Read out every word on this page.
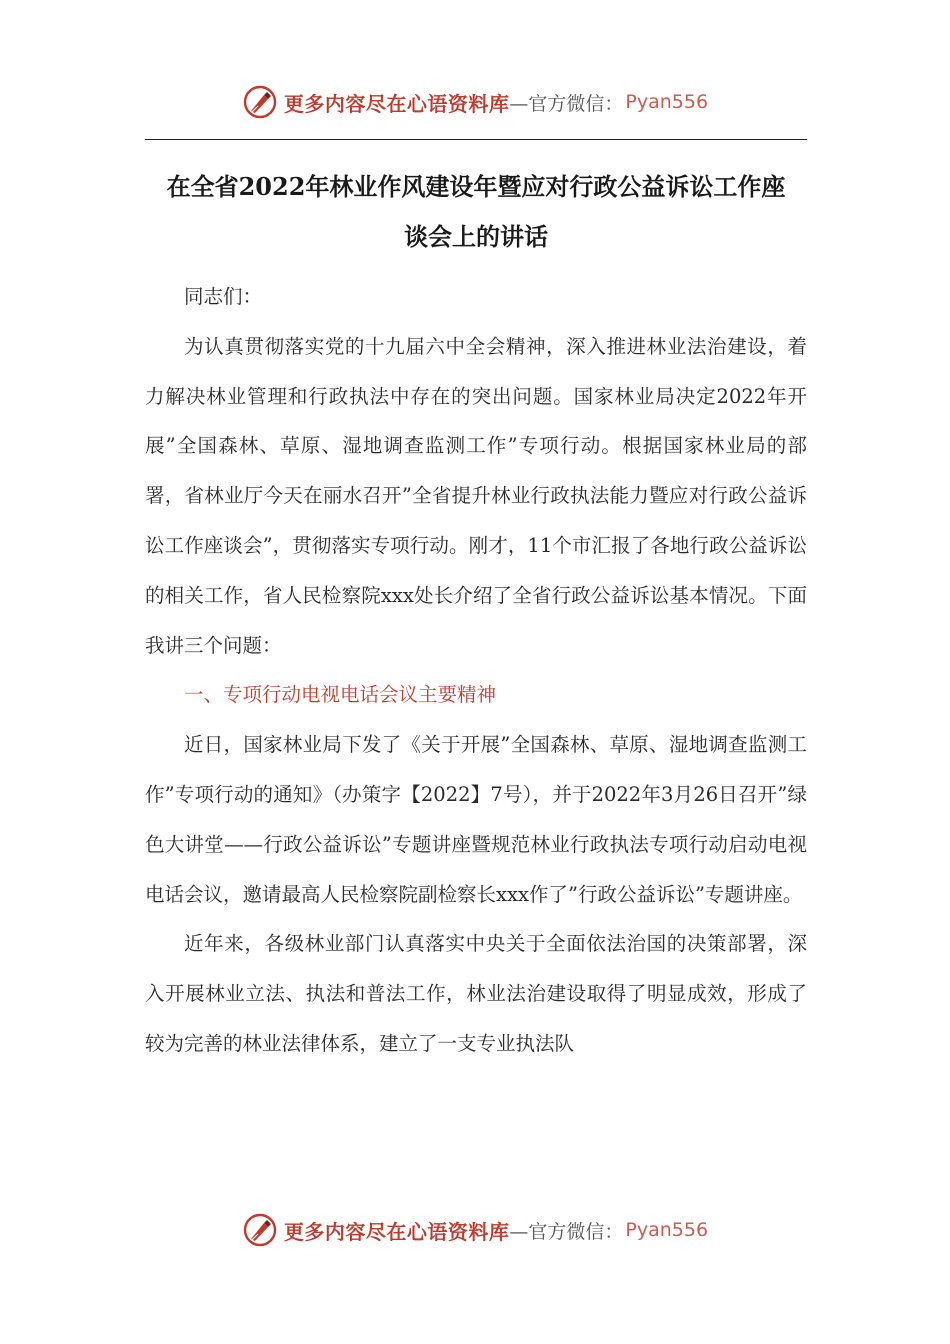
更多内容尽在心语资料库 —官方微信： Pyan556
在全省2022年林业作风建设年暨应对行政公益诉讼工作座
谈会上的讲话

同志们：

为认真贯彻落实党的十九届六中全会精神，深入推进林业法治建设，着力解决林业管理和行政执法中存在的突出问题。国家林业局决定2022年开展”全国森林、草原、湿地调查监测工作”专项行动。根据国家林业局的部署，省林业厅今天在丽水召开”全省提升林业行政执法能力暨应对行政公益诉讼工作座谈会”，贯彻落实专项行动。刚才，11个市汇报了各地行政公益诉讼的相关工作，省人民检察院xxx处长介绍了全省行政公益诉讼基本情况。下面我讲三个问题：

一、专项行动电视电话会议主要精神

近日，国家林业局下发了《关于开展”全国森林、草原、湿地调查监测工作”专项行动的通知》（办策字【2022】7号），并于2022年3月26日召开”绿色大讲堂——行政公益诉讼”专题讲座暨规范林业行政执法专项行动启动电视电话会议，邀请最高人民检察院副检察长xxx作了”行政公益诉讼”专题讲座。

近年来，各级林业部门认真落实中央关于全面依法治国的决策部署，深入开展林业立法、执法和普法工作，林业法治建设取得了明显成效，形成了较为完善的林业法律体系，建立了一支专业执法队

更多内容尽在心语资料库 —官方微信： Pyan556
